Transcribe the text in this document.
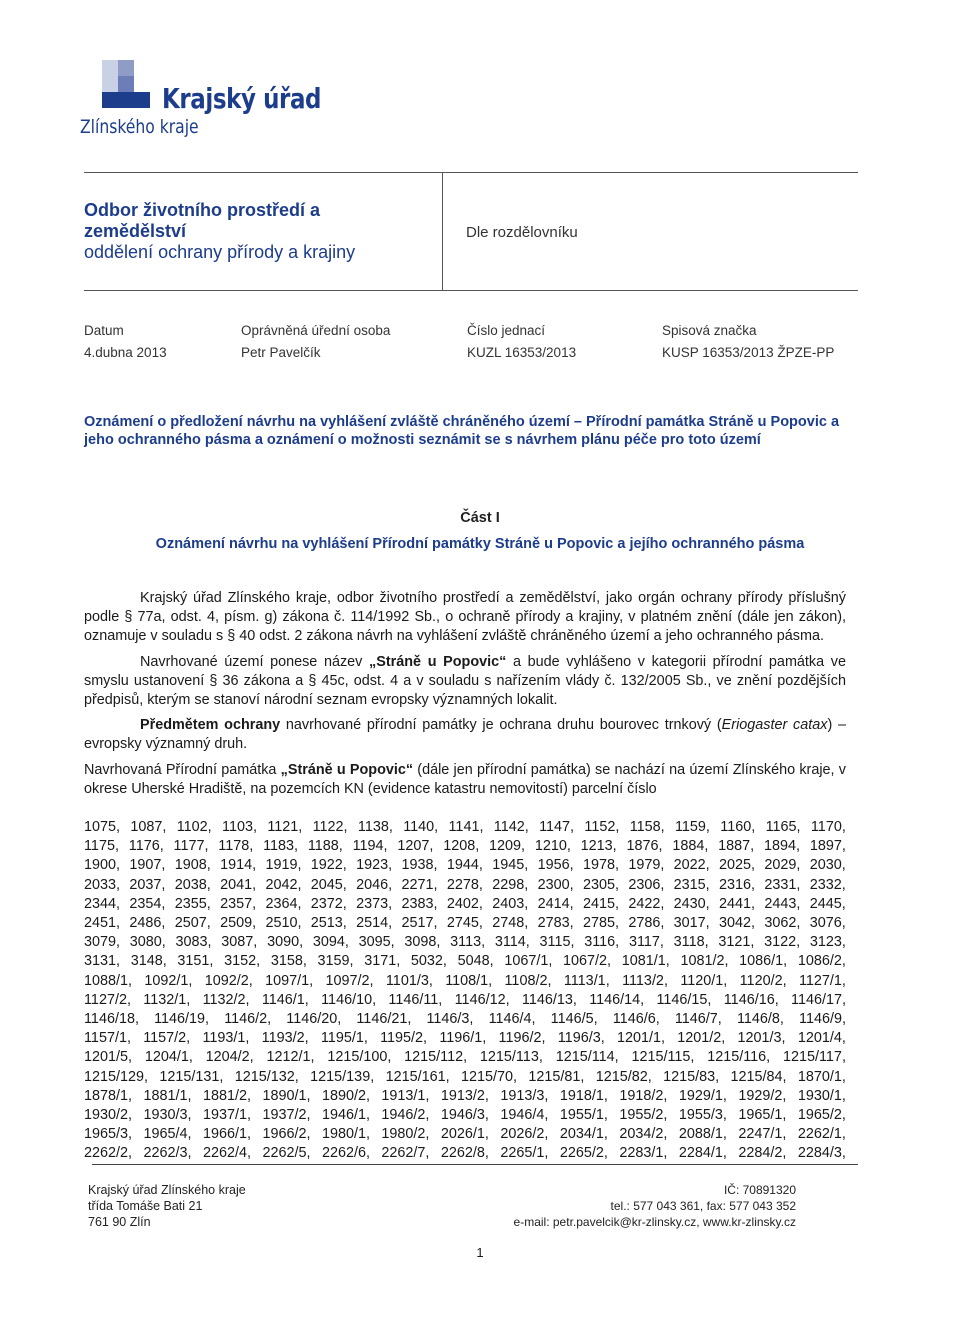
Krajský úřad
Zlínského kraje
Odbor životního prostředí a
zemědělství
oddělení ochrany přírody a krajiny
Dle rozdělovníku
Datum
4.dubna 2013
Oprávněná úřední osoba
Petr Pavelčík
Číslo jednací
KUZL 16353/2013
Spisová značka
KUSP 16353/2013 ŽPZE-PP
Oznámení o předložení návrhu na vyhlášení zvláště chráněného území – Přírodní památka Stráně u Popovic a jeho ochranného pásma a oznámení o možnosti seznámit se s návrhem plánu péče pro toto území
Část I
Oznámení návrhu na vyhlášení Přírodní památky Stráně u Popovic a jejího ochranného pásma

Krajský úřad Zlínského kraje, odbor životního prostředí a zemědělství, jako orgán ochrany přírody příslušný podle § 77a, odst. 4, písm. g) zákona č. 114/1992 Sb., o ochraně přírody a krajiny, v platném znění (dále jen zákon), oznamuje v souladu s § 40 odst. 2 zákona návrh na vyhlášení zvláště chráněného území a jeho ochranného pásma.

Navrhované území ponese název „Stráně u Popovic“ a bude vyhlášeno v kategorii přírodní památka ve smyslu ustanovení § 36 zákona a § 45c, odst. 4 a v souladu s nařízením vlády č. 132/2005 Sb., ve znění pozdějších předpisů, kterým se stanoví národní seznam evropsky významných lokalit.

Předmětem ochrany navrhované přírodní památky je ochrana druhu bourovec trnkový (Eriogaster catax) – evropsky významný druh.

Navrhovaná Přírodní památka „Stráně u Popovic“ (dále jen přírodní památka) se nachází na území Zlínského kraje, v okrese Uherské Hradiště, na pozemcích KN (evidence katastru nemovitostí) parcelní číslo

1075, 1087, 1102, 1103, 1121, 1122, 1138, 1140, 1141, 1142, 1147, 1152, 1158, 1159, 1160, 1165, 1170,
1175, 1176, 1177, 1178, 1183, 1188, 1194, 1207, 1208, 1209, 1210, 1213, 1876, 1884, 1887, 1894, 1897,
1900, 1907, 1908, 1914, 1919, 1922, 1923, 1938, 1944, 1945, 1956, 1978, 1979, 2022, 2025, 2029, 2030,
2033, 2037, 2038, 2041, 2042, 2045, 2046, 2271, 2278, 2298, 2300, 2305, 2306, 2315, 2316, 2331, 2332,
2344, 2354, 2355, 2357, 2364, 2372, 2373, 2383, 2402, 2403, 2414, 2415, 2422, 2430, 2441, 2443, 2445,
2451, 2486, 2507, 2509, 2510, 2513, 2514, 2517, 2745, 2748, 2783, 2785, 2786, 3017, 3042, 3062, 3076,
3079, 3080, 3083, 3087, 3090, 3094, 3095, 3098, 3113, 3114, 3115, 3116, 3117, 3118, 3121, 3122, 3123,
3131, 3148, 3151, 3152, 3158, 3159, 3171, 5032, 5048, 1067/1, 1067/2, 1081/1, 1081/2, 1086/1, 1086/2,
1088/1, 1092/1, 1092/2, 1097/1, 1097/2, 1101/3, 1108/1, 1108/2, 1113/1, 1113/2, 1120/1, 1120/2, 1127/1,
1127/2, 1132/1, 1132/2, 1146/1, 1146/10, 1146/11, 1146/12, 1146/13, 1146/14, 1146/15, 1146/16, 1146/17,
1146/18, 1146/19, 1146/2, 1146/20, 1146/21, 1146/3, 1146/4, 1146/5, 1146/6, 1146/7, 1146/8, 1146/9,
1157/1, 1157/2, 1193/1, 1193/2, 1195/1, 1195/2, 1196/1, 1196/2, 1196/3, 1201/1, 1201/2, 1201/3, 1201/4,
1201/5, 1204/1, 1204/2, 1212/1, 1215/100, 1215/112, 1215/113, 1215/114, 1215/115, 1215/116, 1215/117,
1215/129, 1215/131, 1215/132, 1215/139, 1215/161, 1215/70, 1215/81, 1215/82, 1215/83, 1215/84, 1870/1,
1878/1, 1881/1, 1881/2, 1890/1, 1890/2, 1913/1, 1913/2, 1913/3, 1918/1, 1918/2, 1929/1, 1929/2, 1930/1,
1930/2, 1930/3, 1937/1, 1937/2, 1946/1, 1946/2, 1946/3, 1946/4, 1955/1, 1955/2, 1955/3, 1965/1, 1965/2,
1965/3, 1965/4, 1966/1, 1966/2, 1980/1, 1980/2, 2026/1, 2026/2, 2034/1, 2034/2, 2088/1, 2247/1, 2262/1,
2262/2, 2262/3, 2262/4, 2262/5, 2262/6, 2262/7, 2262/8, 2265/1, 2265/2, 2283/1, 2284/1, 2284/2, 2284/3,
Krajský úřad Zlínského kraje
třída Tomáše Bati 21
761 90 Zlín
IČ: 70891320
tel.: 577 043 361, fax: 577 043 352
e-mail: petr.pavelcik@kr-zlinsky.cz, www.kr-zlinsky.cz
1
